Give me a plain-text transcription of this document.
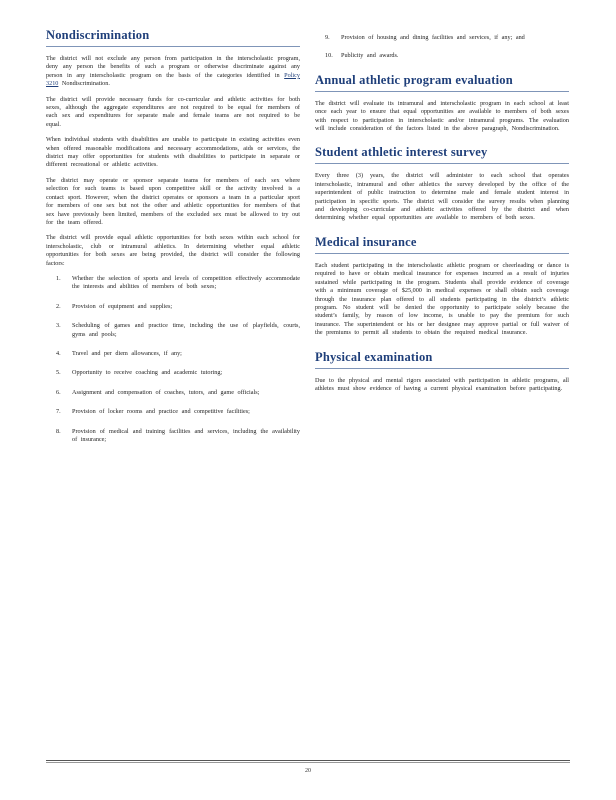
Nondiscrimination

The district will not exclude any person from participation in the interscholastic program, deny any person the benefits of such a program or otherwise discriminate against any person in any interscholastic program on the basis of the categories identified in Policy 3210 Nondiscrimination.

The district will provide necessary funds for co-curricular and athletic activities for both sexes, although the aggregate expenditures are not required to be equal for members of each sex and expenditures for separate male and female teams are not required to be equal.

When individual students with disabilities are unable to participate in existing activities even when offered reasonable modifications and necessary accommodations, aids or services, the district may offer opportunities for students with disabilities to participate in separate or different recreational or athletic activities.

The district may operate or sponsor separate teams for members of each sex where selection for such teams is based upon competitive skill or the activity involved is a contact sport. However, when the district operates or sponsors a team in a particular sport for members of one sex but not the other and athletic opportunities for members of that sex have previously been limited, members of the excluded sex must be allowed to try out for the team offered.

The district will provide equal athletic opportunities for both sexes within each school for interscholastic, club or intramural athletics. In determining whether equal athletic opportunities for both sexes are being provided, the district will consider the following factors:

1. Whether the selection of sports and levels of competition effectively accommodate the interests and abilities of members of both sexes;
2. Provision of equipment and supplies;
3. Scheduling of games and practice time, including the use of playfields, courts, gyms and pools;
4. Travel and per diem allowances, if any;
5. Opportunity to receive coaching and academic tutoring;
6. Assignment and compensation of coaches, tutors, and game officials;
7. Provision of locker rooms and practice and competitive facilities;
8. Provision of medical and training facilities and services, including the availability of insurance;
9. Provision of housing and dining facilities and services, if any; and
10. Publicity and awards.
Annual athletic program evaluation

The district will evaluate its intramural and interscholastic program in each school at least once each year to ensure that equal opportunities are available to members of both sexes with respect to participation in interscholastic and/or intramural programs. The evaluation will include consideration of the factors listed in the above paragraph, Nondiscrimination.

Student athletic interest survey

Every three (3) years, the district will administer to each school that operates interscholastic, intramural and other athletics the survey developed by the office of the superintendent of public instruction to determine male and female student interest in participation in specific sports. The district will consider the survey results when planning and developing co-curricular and athletic activities offered by the district and when determining whether equal opportunities are available to members of both sexes.

Medical insurance

Each student participating in the interscholastic athletic program or cheerleading or dance is required to have or obtain medical insurance for expenses incurred as a result of injuries sustained while participating in the program. Students shall provide evidence of coverage with a minimum coverage of $25,000 in medical expenses or shall obtain such coverage through the insurance plan offered to all students participating in the district’s athletic program. No student will be denied the opportunity to participate solely because the student’s family, by reason of low income, is unable to pay the premium for such insurance. The superintendent or his or her designee may approve partial or full waiver of the premiums to permit all students to obtain the required medical insurance.

Physical examination

Due to the physical and mental rigors associated with participation in athletic programs, all athletes must show evidence of having a current physical examination before participating.

20
